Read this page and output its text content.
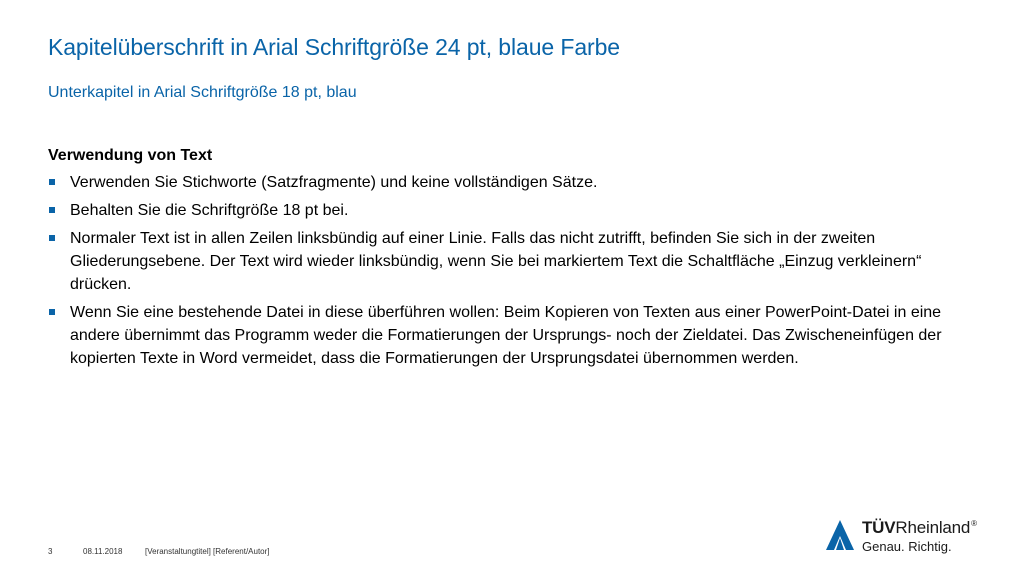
Kapitelüberschrift in Arial Schriftgröße 24 pt, blaue Farbe
Unterkapitel in Arial Schriftgröße 18 pt, blau
Verwendung von Text
Verwenden Sie Stichworte (Satzfragmente) und keine vollständigen Sätze.
Behalten Sie die Schriftgröße 18 pt bei.
Normaler Text ist in allen Zeilen linksbündig auf einer Linie. Falls das nicht zutrifft, befinden Sie sich in der zweiten Gliederungsebene. Der Text wird wieder linksbündig, wenn Sie bei markiertem Text die Schaltfläche „Einzug verkleinern“ drücken.
Wenn Sie eine bestehende Datei in diese überführen wollen: Beim Kopieren von Texten aus einer PowerPoint-Datei in eine andere übernimmt das Programm weder die Formatierungen der Ursprungs- noch der Zieldatei. Das Zwischeneinfügen der kopierten Texte in Word vermeidet, dass die Formatierungen der Ursprungsdatei übernommen werden.
3	08.11.2018	[Veranstaltungtitel] [Referent/Autor]
TÜVRheinland®
Genau. Richtig.
